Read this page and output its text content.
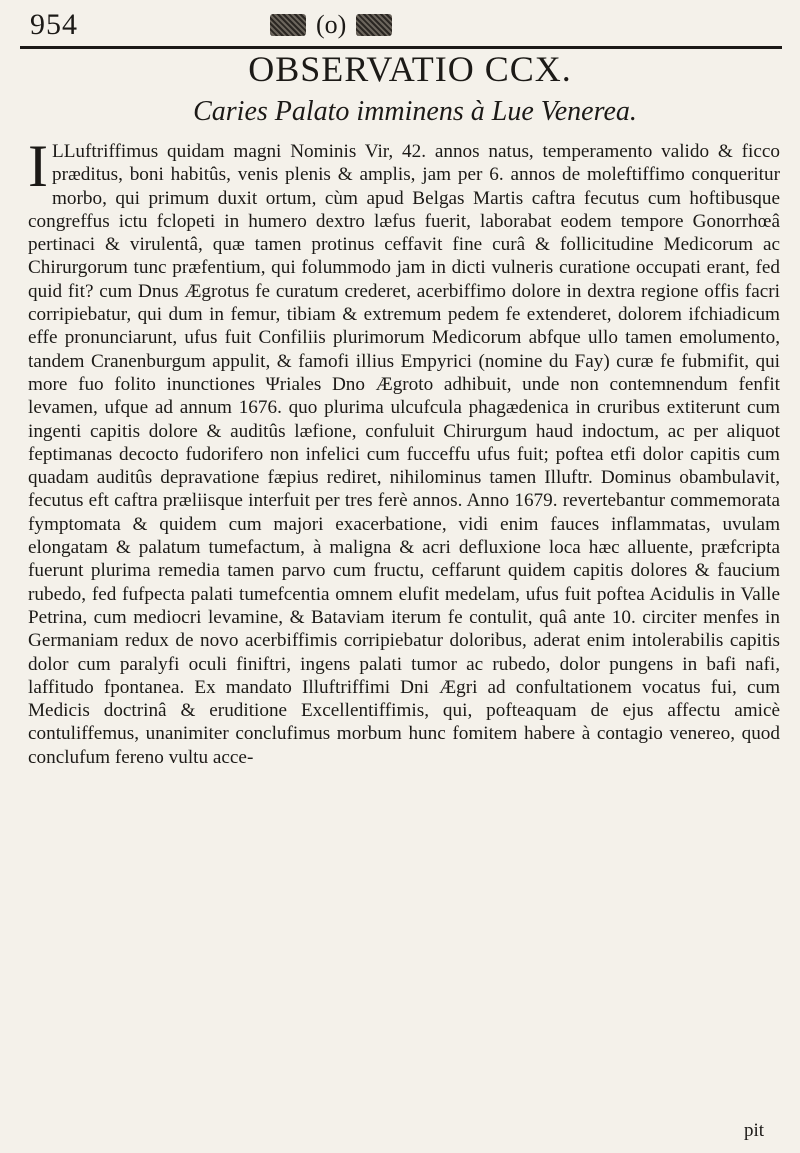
954	(o)
OBSERVATIO CCX.
Caries Palato imminens à Lue Venerea.
I LLuftriffimus quidam magni Nominis Vir, 42. annos natus, temperamento valido & ficco præditus, boni habitûs, venis plenis & amplis, jam per 6. annos de moleftiffimo conqueritur morbo, qui primum duxit ortum, cùm apud Belgas Martis caftra fecutus cum hoftibusque congreffus ictu fclopeti in humero dextro læfus fuerit, laborabat eodem tempore Gonorrhœâ pertinaci & virulentâ, quæ tamen protinus ceffavit fine curâ & follicitudine Medicorum ac Chirurgorum tunc præfentium, qui folummodo jam in dicti vulneris curatione occupati erant, fed quid fit? cum Dnus Ægrotus fe curatum crederet, acerbiffimo dolore in dextra regione offis facri corripiebatur, qui dum in femur, tibiam & extremum pedem fe extenderet, dolorem ifchiadicum effe pronunciarunt, ufus fuit Confiliis plurimorum Medicorum abfque ullo tamen emolumento, tandem Cranenburgum appulit, & famofi illius Empyrici (nomine du Fay) curæ fe fubmifit, qui more fuo folito inunctiones Ψriales Dno Ægroto adhibuit, unde non contemnendum fenfit levamen, ufque ad annum 1676. quo plurima ulcufcula phagædenica in cruribus extiterunt cum ingenti capitis dolore & auditûs læfione, confuluit Chirurgum haud indoctum, ac per aliquot feptimanas decocto fudorifero non infelici cum fucceffu ufus fuit; poftea etfi dolor capitis cum quadam auditûs depravatione fæpius rediret, nihilominus tamen Illuftr. Dominus obambulavit, fecutus eft caftra præliisque interfuit per tres ferè annos. Anno 1679. revertebantur commemorata fymptomata & quidem cum majori exacerbatione, vidi enim fauces inflammatas, uvulam elongatam & palatum tumefactum, à maligna & acri defluxione loca hæc alluente, præfcripta fuerunt plurima remedia tamen parvo cum fructu, ceffarunt quidem capitis dolores & faucium rubedo, fed fufpecta palati tumefcentia omnem elufit medelam, ufus fuit poftea Acidulis in Valle Petrina, cum mediocri levamine, & Bataviam iterum fe contulit, quâ ante 10. circiter menfes in Germaniam redux de novo acerbiffimis corripiebatur doloribus, aderat enim intolerabilis capitis dolor cum paralyfi oculi finiftri, ingens palati tumor ac rubedo, dolor pungens in bafi nafi, laffitudo fpontanea. Ex mandato Illuftriffimi Dni Ægri ad confultationem vocatus fui, cum Medicis doctrinâ & eruditione Excellentiffimis, qui, pofteaquam de ejus affectu amicè contuliffemus, unanimiter conclufimus morbum hunc fomitem habere à contagio venereo, quod conclufum fereno vultu acce-
pit
